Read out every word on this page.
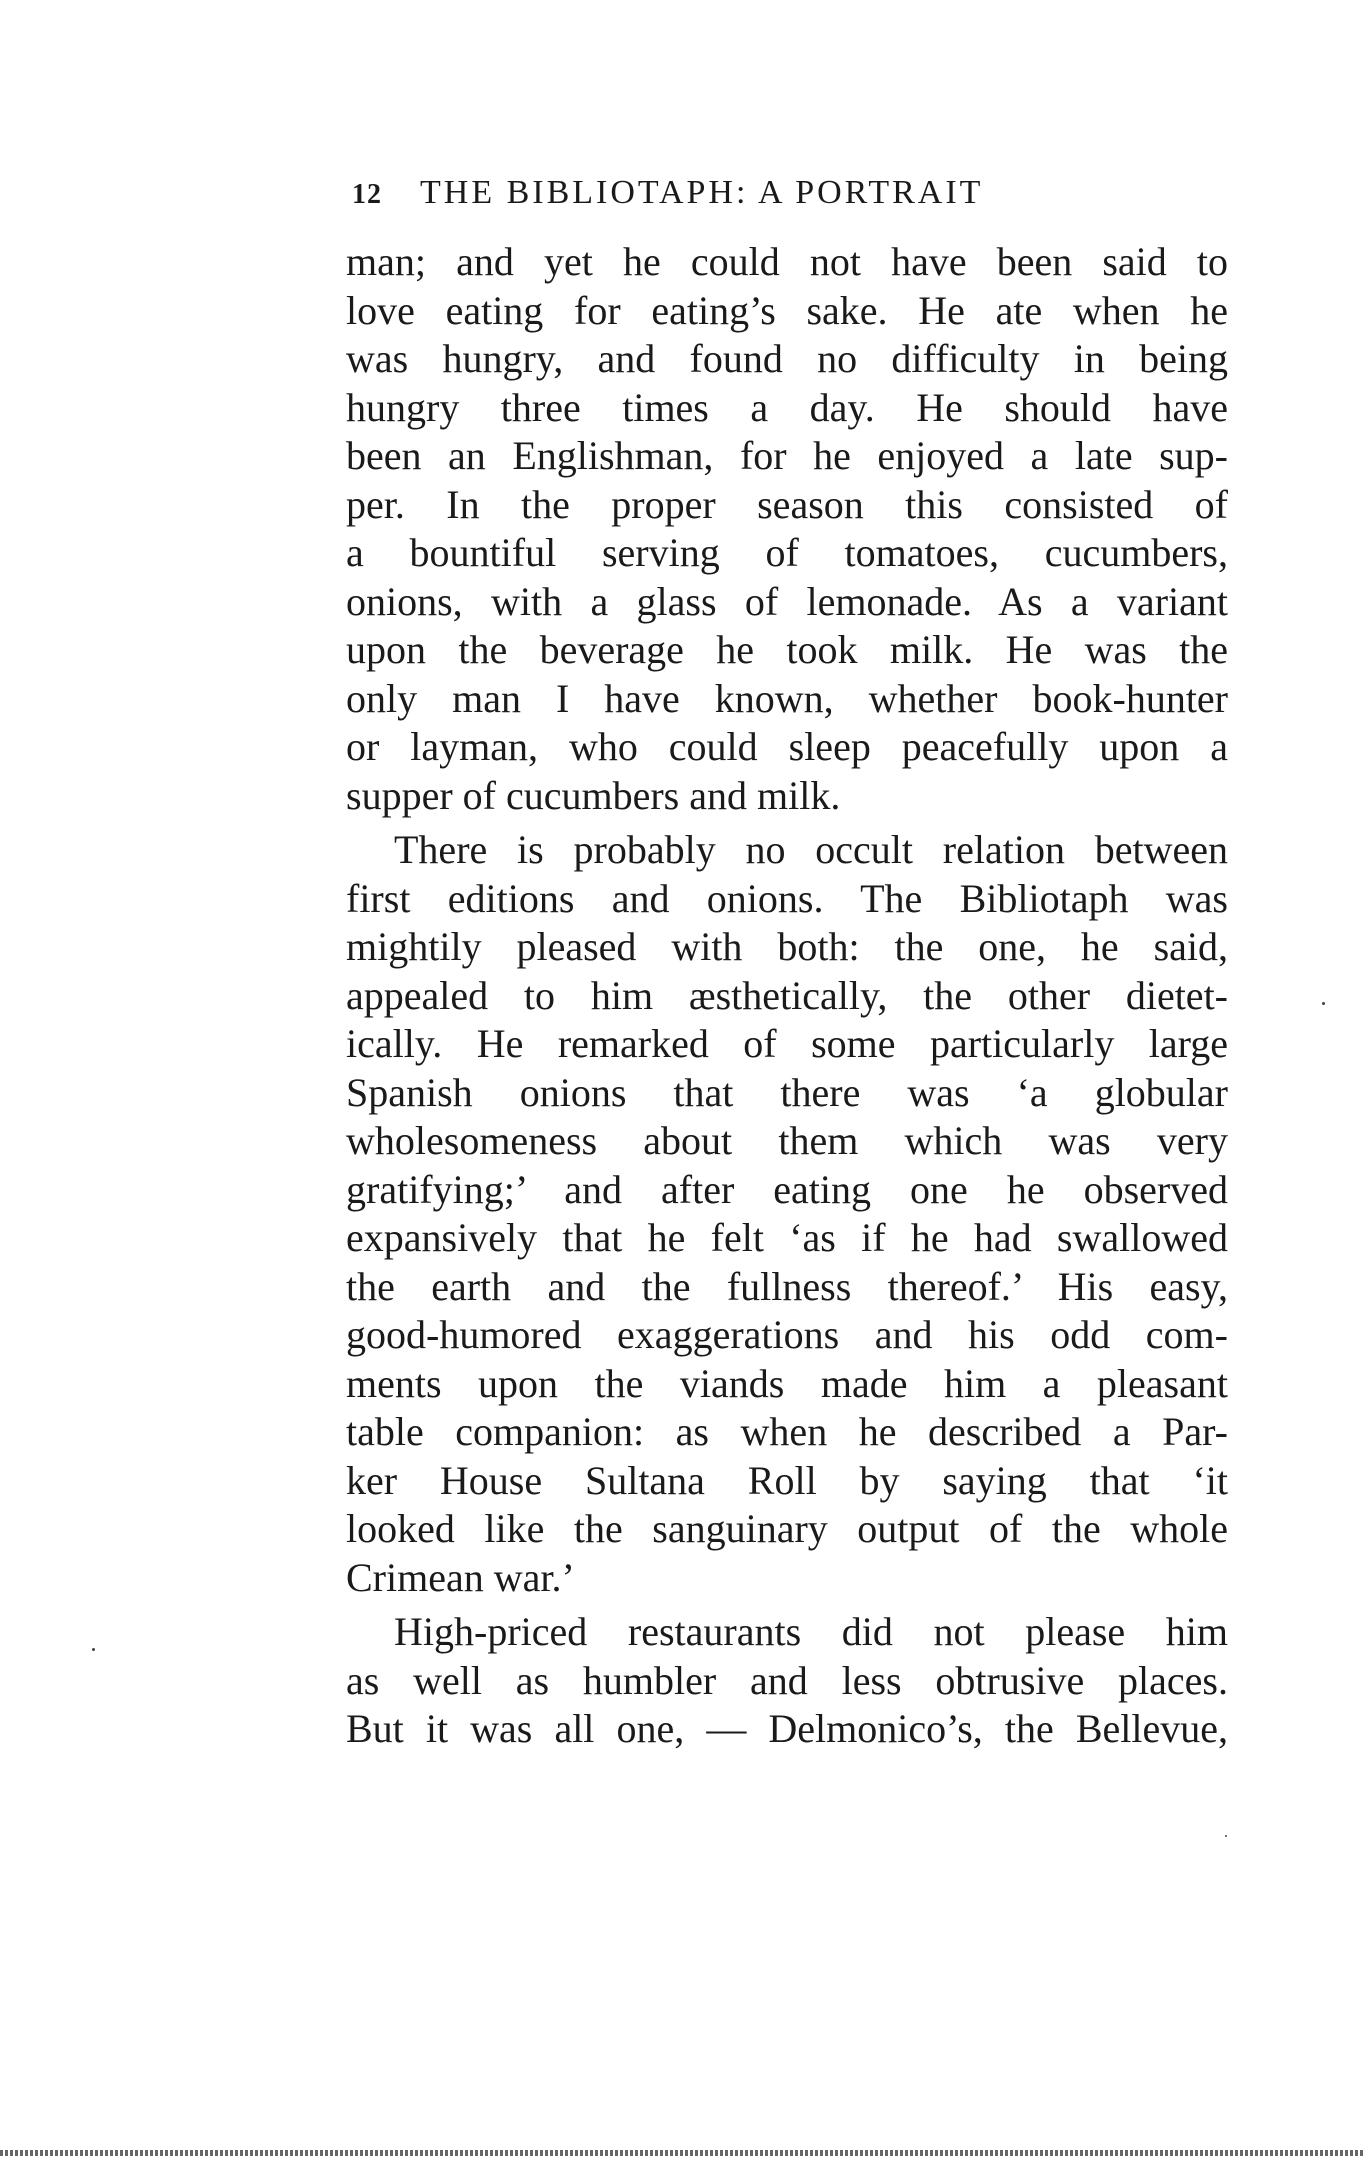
12 THE BIBLIOTAPH: A PORTRAIT
man; and yet he could not have been said to
love eating for eating’s sake. He ate when he
was hungry, and found no difficulty in being
hungry three times a day. He should have
been an Englishman, for he enjoyed a late sup-
per. In the proper season this consisted of
a bountiful serving of tomatoes, cucumbers,
onions, with a glass of lemonade. As a variant
upon the beverage he took milk. He was the
only man I have known, whether book-hunter
or layman, who could sleep peacefully upon a
supper of cucumbers and milk.
There is probably no occult relation between
first editions and onions. The Bibliotaph was
mightily pleased with both: the one, he said,
appealed to him æsthetically, the other dietet-
ically. He remarked of some particularly large
Spanish onions that there was ‘a globular
wholesomeness about them which was very
gratifying;’ and after eating one he observed
expansively that he felt ‘as if he had swallowed
the earth and the fullness thereof.’ His easy,
good-humored exaggerations and his odd com-
ments upon the viands made him a pleasant
table companion: as when he described a Par-
ker House Sultana Roll by saying that ‘it
looked like the sanguinary output of the whole
Crimean war.’
High-priced restaurants did not please him
as well as humbler and less obtrusive places.
But it was all one, — Delmonico’s, the Bellevue,
